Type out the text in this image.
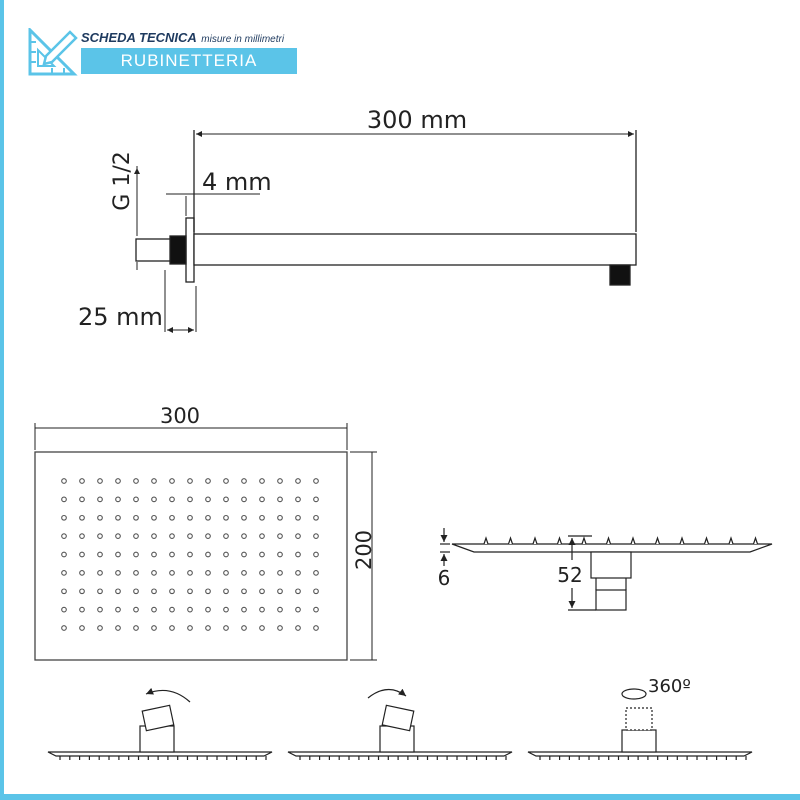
SCHEDA TECNICA misure in millimetri
RUBINETTERIA
300 mm
4 mm
G 1/2
25 mm
300
200
6	52
360º
